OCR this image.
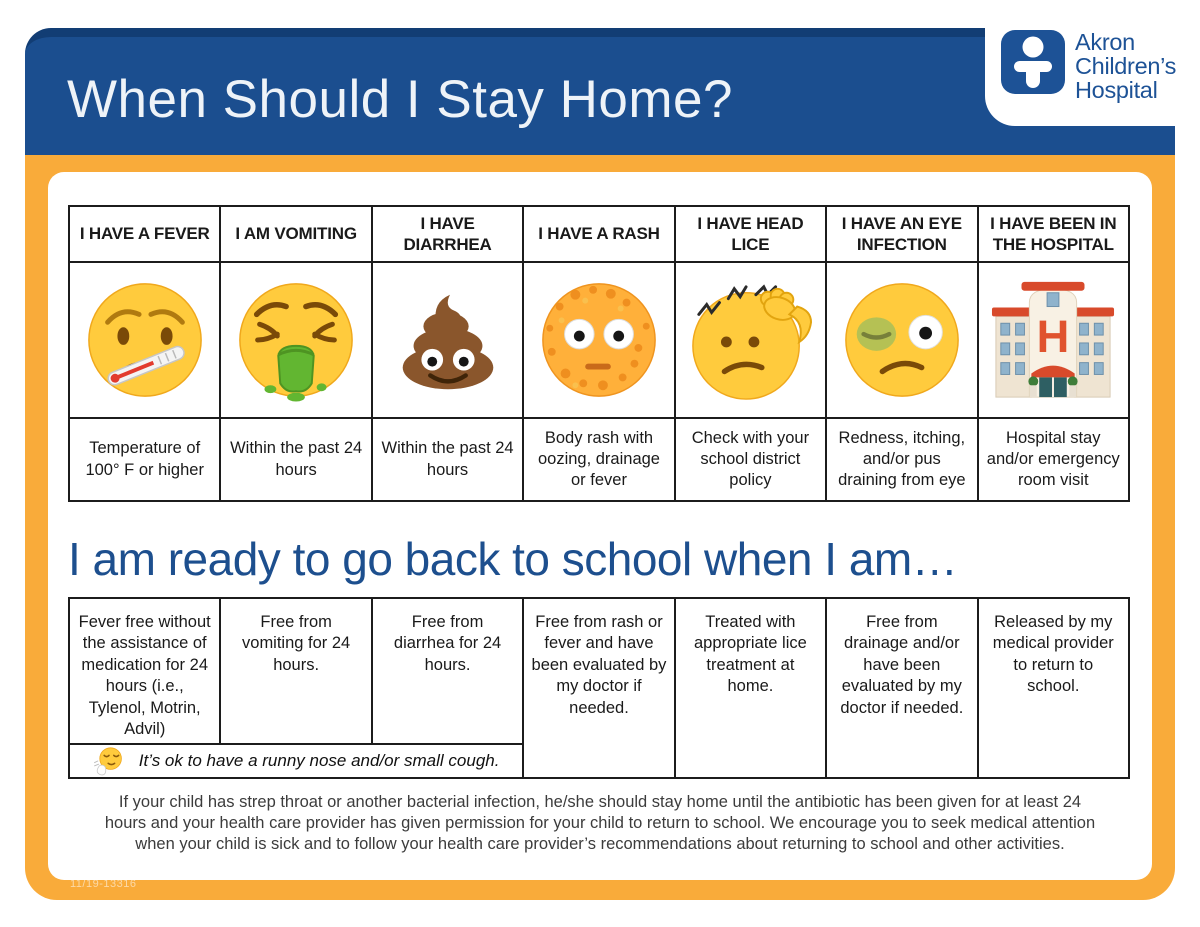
When Should I Stay Home?
Akron
Children’s
Hospital
I HAVE A FEVER	I AM VOMITING	I HAVE DIARRHEA	I HAVE A RASH	I HAVE HEAD LICE	I HAVE AN EYE INFECTION	I HAVE BEEN IN THE HOSPITAL

H

Temperature of 100° F or higher	Within the past 24 hours	Within the past 24 hours	Body rash with oozing, drainage or fever	Check with your school district policy	Redness, itching, and/or pus draining from eye	Hospital stay and/or emergency room visit
I am ready to go back to school when I am…
Fever free without the assistance of medication for 24 hours (i.e., Tylenol, Motrin, Advil)	Free from vomiting for 24 hours.	Free from diarrhea for 24 hours.	Free from rash or fever and have been evaluated by my doctor if needed.	Treated with appropriate lice treatment at home.	Free from drainage and/or have been evaluated by my doctor if needed.	Released by my medical provider to return to school.

It’s ok to have a runny nose and/or small cough.
If your child has strep throat or another bacterial infection, he/she should stay home until the antibiotic has been given for at least 24 hours and your health care provider has given permission for your child to return to school. We encourage you to seek medical attention when your child is sick and to follow your health care provider’s recommendations about returning to school and other activities.
11/19-13316
